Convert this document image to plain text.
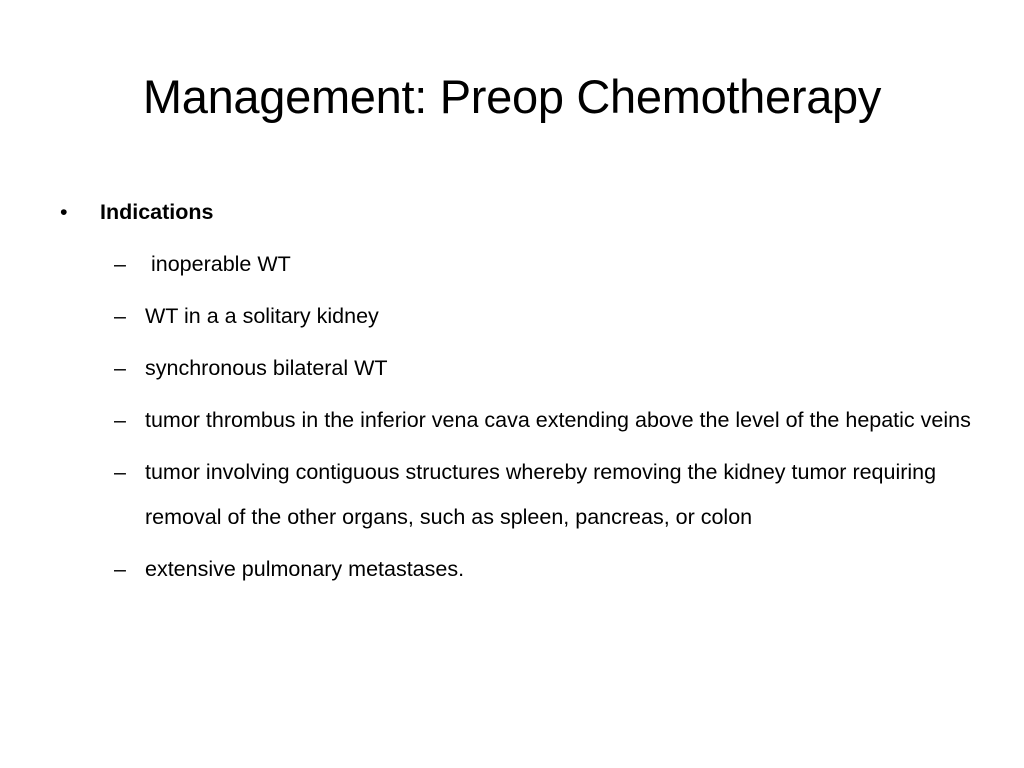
Management: Preop Chemotherapy
•	Indications
– inoperable WT
– WT in a a solitary kidney
– synchronous bilateral WT
– tumor thrombus in the inferior vena cava extending above the level of the hepatic veins
– tumor involving contiguous structures whereby removing the kidney tumor requiring removal of the other organs, such as spleen, pancreas, or colon
– extensive pulmonary metastases.
